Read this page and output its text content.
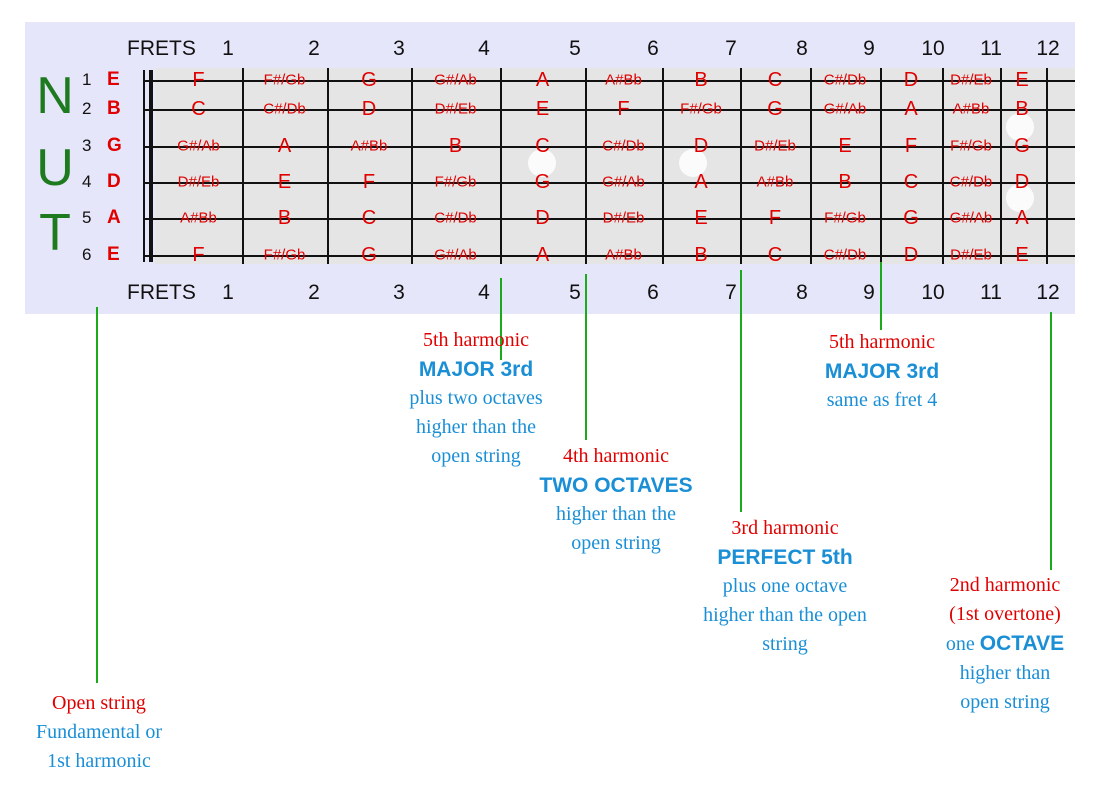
FRETS 1	2	3	4	5	6	7	8	9 10 11 12
FRETS 1	2	3	4	5	6	7	8	9 10 11 12
N
U
T
1 E	F	F#/Gb	G	G#/Ab	A	A#Bb	B	C	C#/Db D D#/Eb E
2 B	C	C#/Db	D	D#/Eb	E	F	F#/Gb G	G#/Ab A A#Bb B
3 G	G#/Ab	A	A#Bb	B	C	C#/Db D	D#/Eb E	F F#/Gb G
4 D	D#/Eb	E	F	F#/Gb	G	G#/Ab A	A#Bb B	C C#/Db D
5 A	A#Bb	B	C	C#/Db	D	D#/Eb E	F	F#/Gb G G#/Ab A
6 E	F	F#/Gb	G	G#/Ab	A	A#Bb	B	C	C#/Db D D#/Eb E
Open string
Fundamental or
1st harmonic
5th harmonic
MAJOR 3rd
plus two octaves
higher than the
open string	4th harmonic
TWO OCTAVES
higher than the
open string
3rd harmonic
PERFECT 5th
plus one octave
higher than the open
string
5th harmonic
MAJOR 3rd
same as fret 4
2nd harmonic
(1st overtone)
one OCTAVE
higher than
open string
